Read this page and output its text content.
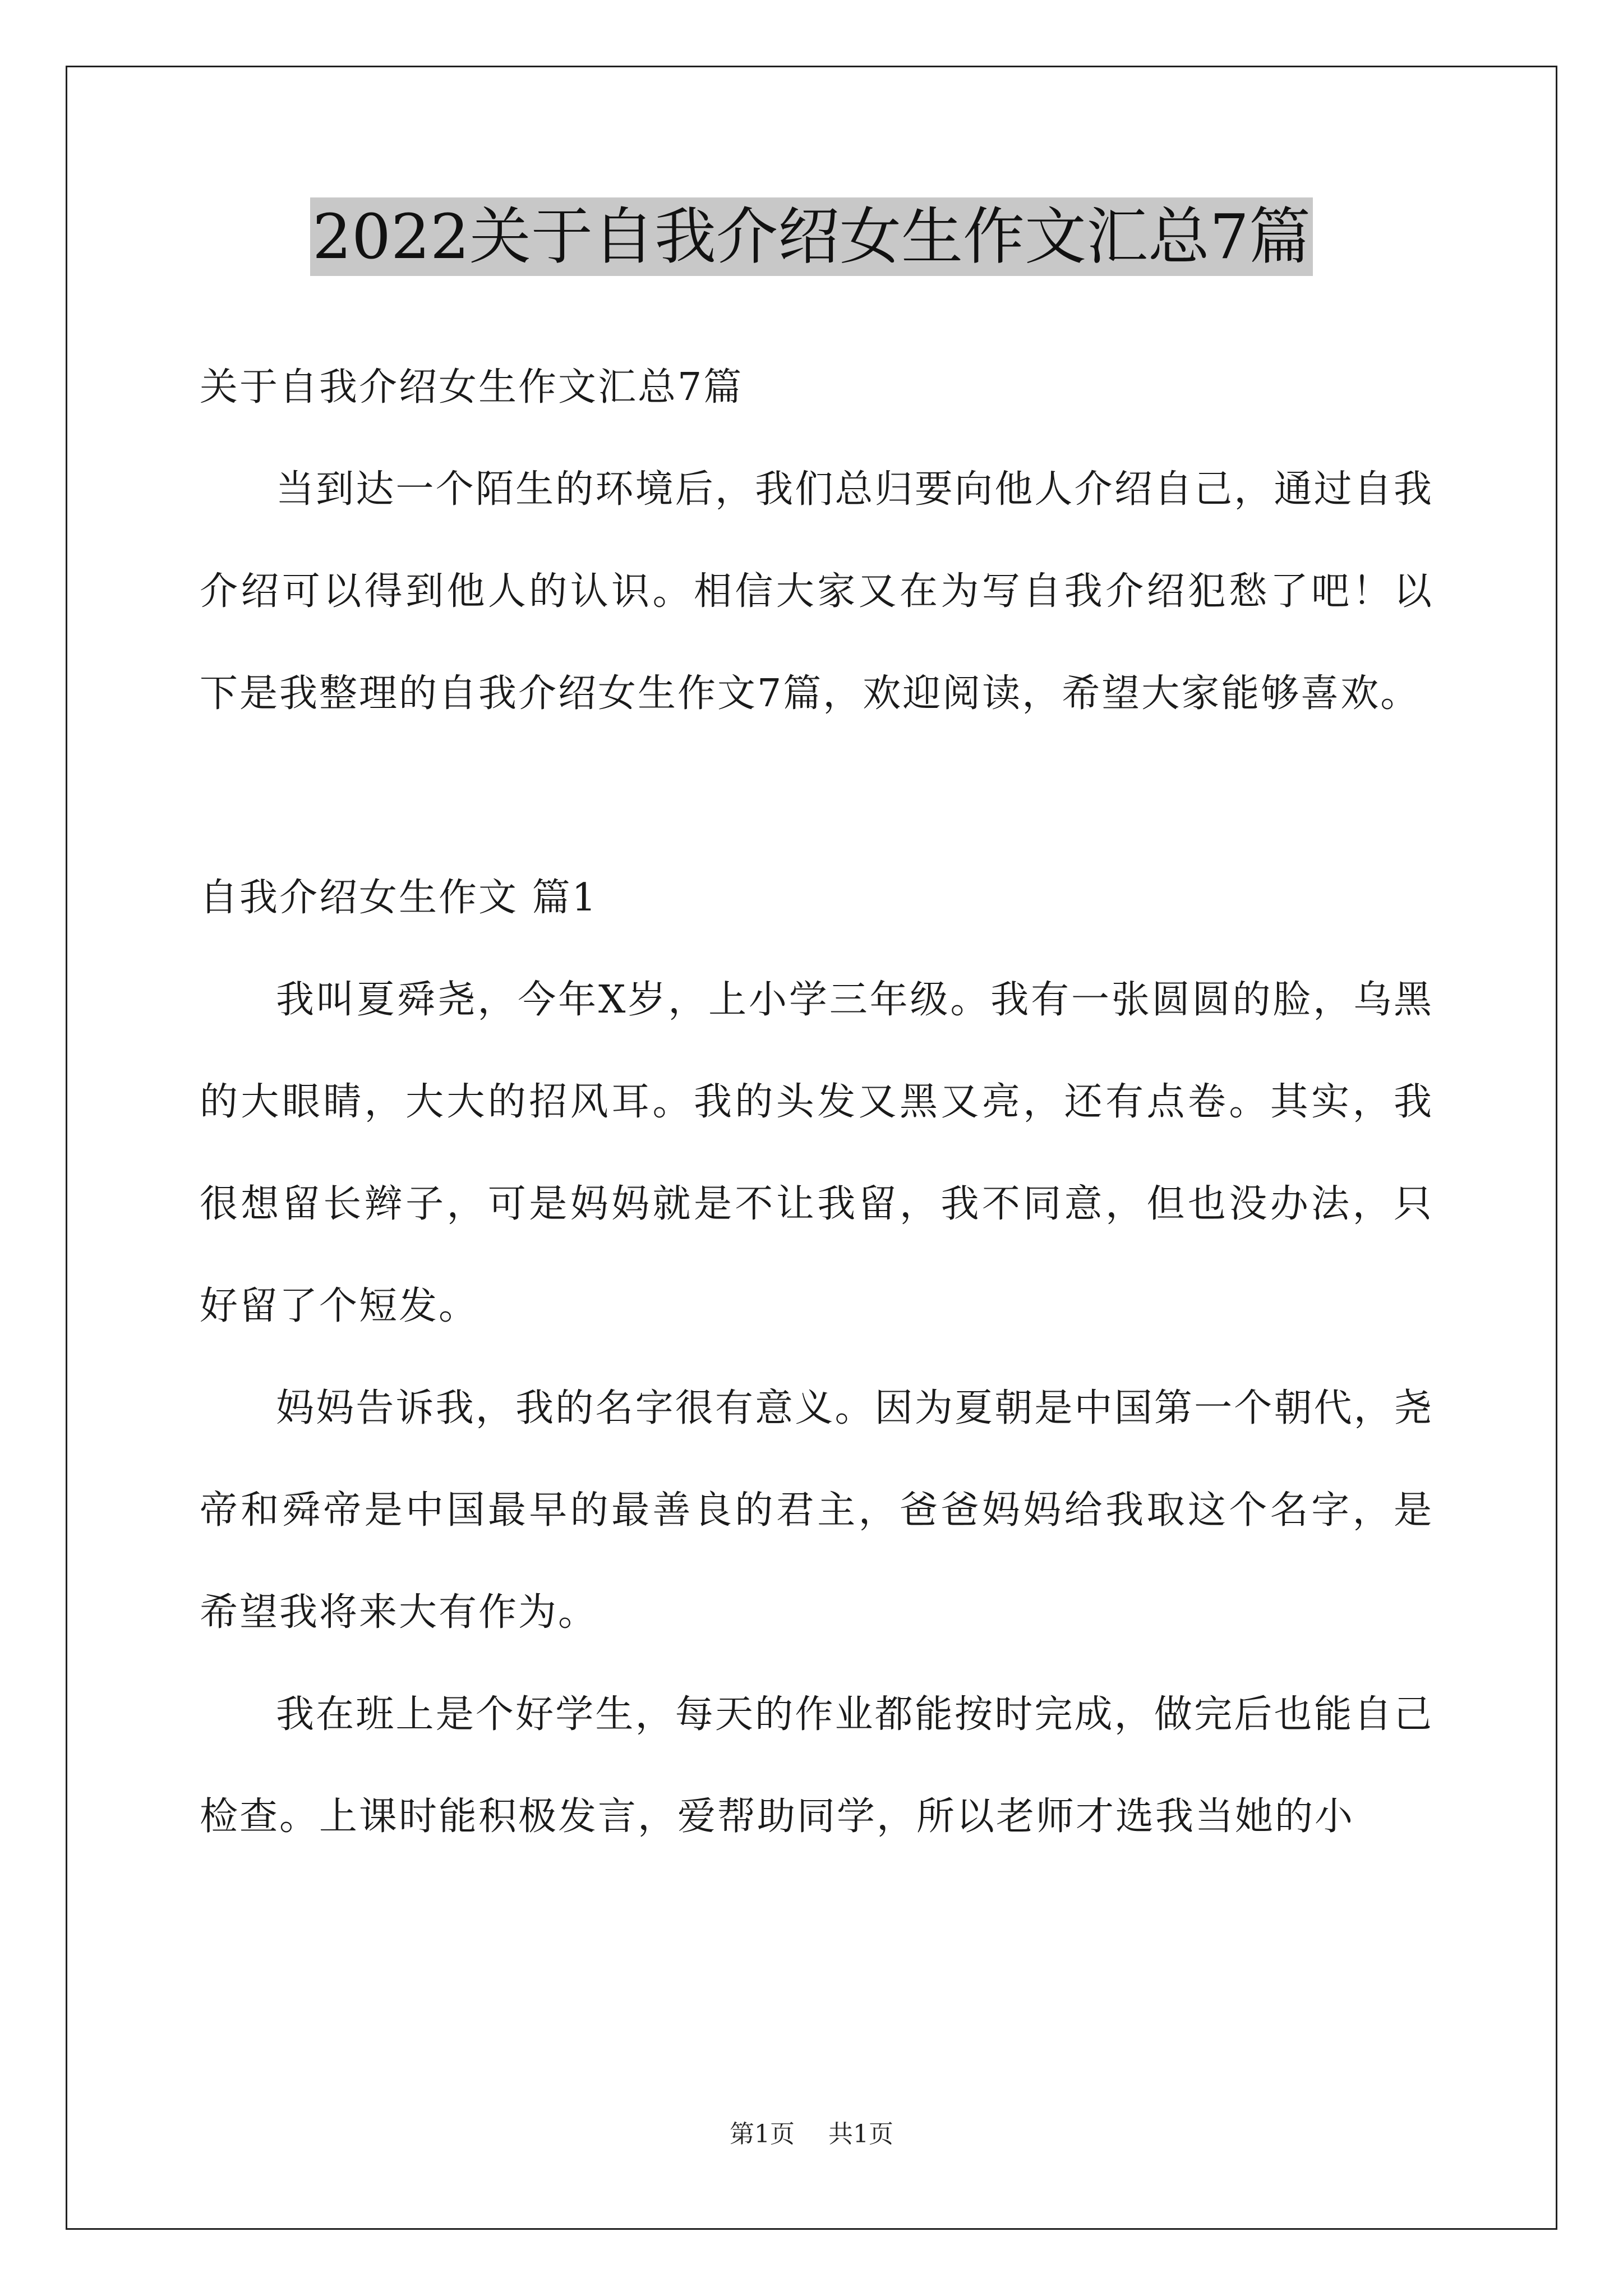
2022关于自我介绍女生作文汇总7篇

关于自我介绍女生作文汇总7篇

当到达一个陌生的环境后，我们总归要向他人介绍自己，通过自我介绍可以得到他人的认识。相信大家又在为写自我介绍犯愁了吧！以下是我整理的自我介绍女生作文7篇，欢迎阅读，希望大家能够喜欢。

自我介绍女生作文 篇1

我叫夏舜尧，今年X岁，上小学三年级。我有一张圆圆的脸，乌黑的大眼睛，大大的招风耳。我的头发又黑又亮，还有点卷。其实，我很想留长辫子，可是妈妈就是不让我留，我不同意，但也没办法，只好留了个短发。

妈妈告诉我，我的名字很有意义。因为夏朝是中国第一个朝代，尧帝和舜帝是中国最早的最善良的君主，爸爸妈妈给我取这个名字，是希望我将来大有作为。

我在班上是个好学生，每天的作业都能按时完成，做完后也能自己检查。上课时能积极发言，爱帮助同学，所以老师才选我当她的小

第1页 共1页
